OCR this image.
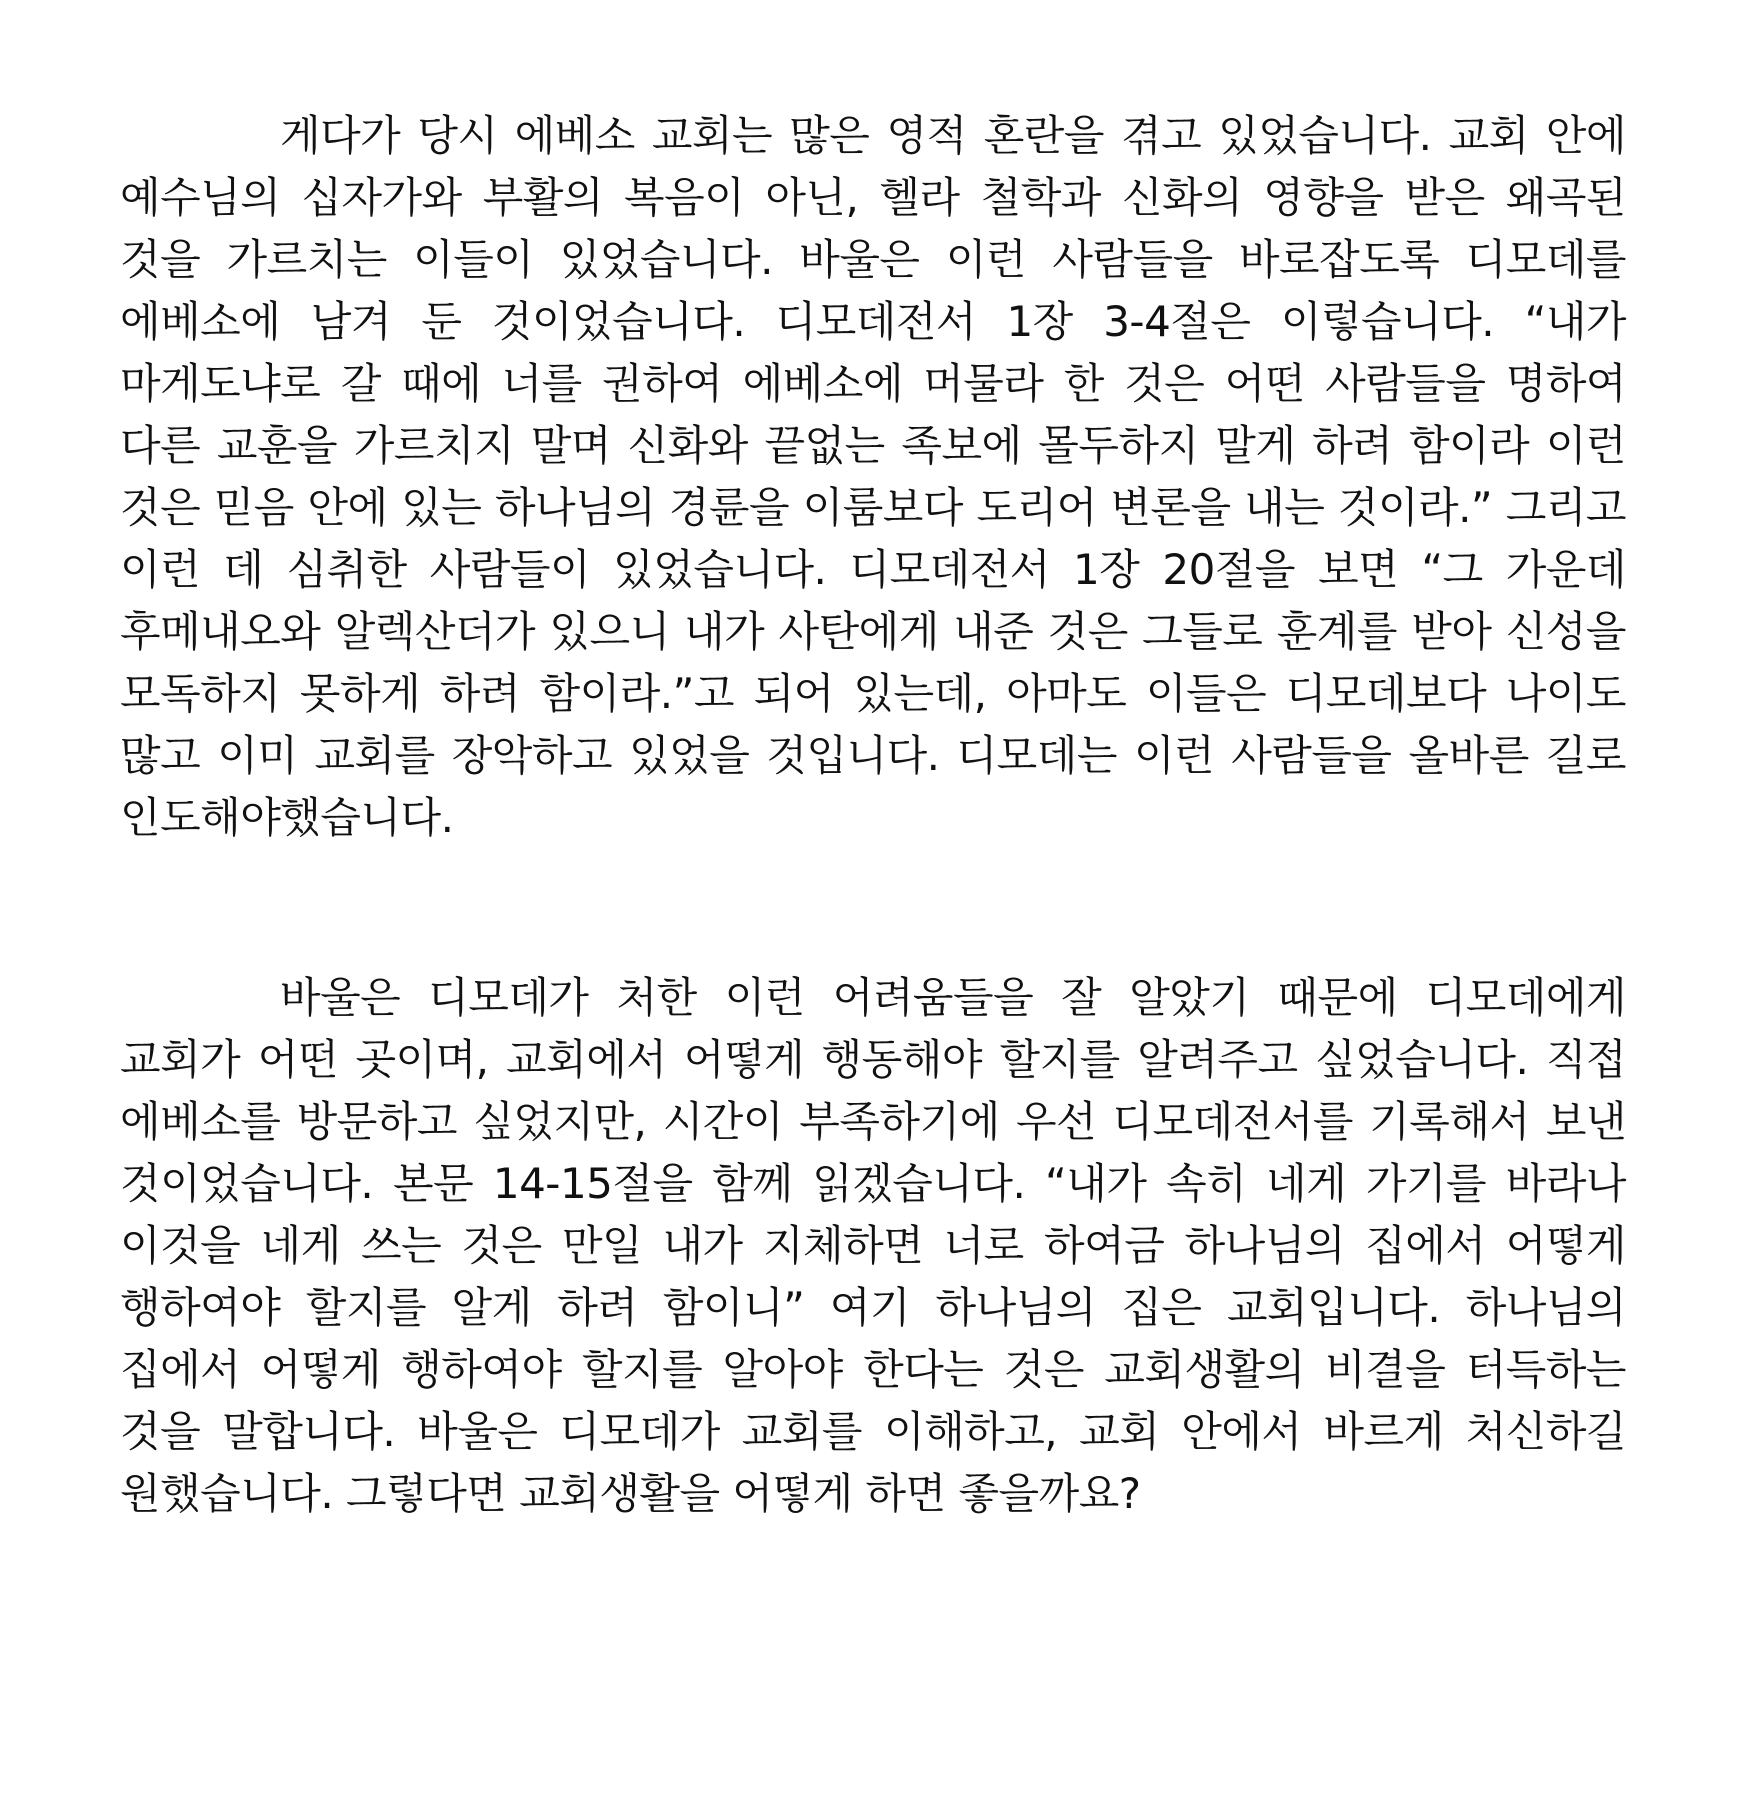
게다가 당시 에베소 교회는 많은 영적 혼란을 겪고 있었습니다. 교회 안에 예수님의 십자가와 부활의 복음이 아닌, 헬라 철학과 신화의 영향을 받은 왜곡된 것을 가르치는 이들이 있었습니다. 바울은 이런 사람들을 바로잡도록 디모데를 에베소에 남겨 둔 것이었습니다. 디모데전서 1장 3-4절은 이렇습니다. “내가 마게도냐로 갈 때에 너를 권하여 에베소에 머물라 한 것은 어떤 사람들을 명하여 다른 교훈을 가르치지 말며 신화와 끝없는 족보에 몰두하지 말게 하려 함이라 이런 것은 믿음 안에 있는 하나님의 경륜을 이룸보다 도리어 변론을 내는 것이라.” 그리고 이런 데 심취한 사람들이 있었습니다. 디모데전서 1장 20절을 보면 “그 가운데 후메내오와 알렉산더가 있으니 내가 사탄에게 내준 것은 그들로 훈계를 받아 신성을 모독하지 못하게 하려 함이라.”고 되어 있는데, 아마도 이들은 디모데보다 나이도 많고 이미 교회를 장악하고 있었을 것입니다. 디모데는 이런 사람들을 올바른 길로 인도해야했습니다.

바울은 디모데가 처한 이런 어려움들을 잘 알았기 때문에 디모데에게 교회가 어떤 곳이며, 교회에서 어떻게 행동해야 할지를 알려주고 싶었습니다. 직접 에베소를 방문하고 싶었지만, 시간이 부족하기에 우선 디모데전서를 기록해서 보낸 것이었습니다. 본문 14-15절을 함께 읽겠습니다. “내가 속히 네게 가기를 바라나 이것을 네게 쓰는 것은 만일 내가 지체하면 너로 하여금 하나님의 집에서 어떻게 행하여야 할지를 알게 하려 함이니” 여기 하나님의 집은 교회입니다. 하나님의 집에서 어떻게 행하여야 할지를 알아야 한다는 것은 교회생활의 비결을 터득하는 것을 말합니다. 바울은 디모데가 교회를 이해하고, 교회 안에서 바르게 처신하길 원했습니다. 그렇다면 교회생활을 어떻게 하면 좋을까요?
